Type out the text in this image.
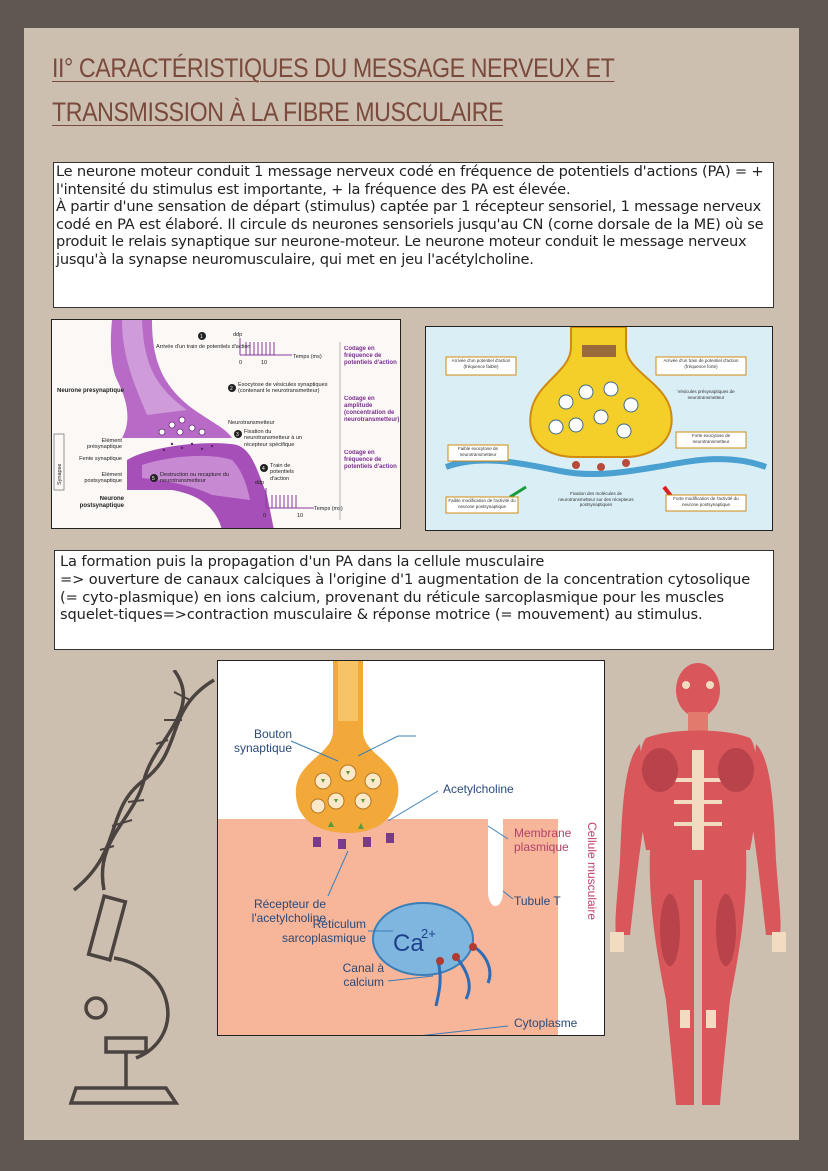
II° CARACTÉRISTIQUES DU MESSAGE NERVEUX ET TRANSMISSION À LA FIBRE MUSCULAIRE

Le neurone moteur conduit 1 message nerveux codé en fréquence de potentiels d'actions (PA) = + l'intensité du stimulus est importante, + la fréquence des PA est élevée.

À partir d'une sensation de départ (stimulus) captée par 1 récepteur sensoriel, 1 message nerveux codé en PA est élaboré. Il circule ds neurones sensoriels jusqu'au CN (corne dorsale de la ME) où se produit le relais synaptique sur neurone-moteur. Le neurone moteur conduit le message nerveux jusqu'à la synapse neuromusculaire, qui met en jeu l'acétylcholine.

ddp
Temps (ms)
0	10
ddp
Temps (ms)
0	10
1
Arrivée d'un train de potentiels d'action
2
Exocytose de vésicules synaptiques (contenant le neurotransmetteur)
Neurotransmetteur
3 Fixation du neurotransmetteur à un récepteur spécifique
4 Train de potentiels d'action
5
Destruction ou recapture du neurotransmetteur
Neurone présynaptique
Élément présynaptique
Fente synaptique
Élément postsynaptique
Neurone postsynaptique
Synapse
Codage en fréquence de potentiels d'action
Codage en amplitude (concentration de neurotransmetteur)
Codage en fréquence de potentiels d'action
Arrivée d'un potentiel d'action (fréquence faible)
Faible exocytose de neurotransmetteur
Faible modification de l'activité du neurone postsynaptique
Arrivée d'un train de potentiel d'action (fréquence forte)
Vésicules présynaptiques de neurotransmetteur
Forte exocytose de neurotransmetteur
Fixation des molécules de neurotransmetteur sur des récepteurs postsynaptiques
Forte modification de l'activité du neurone postsynaptique

La formation puis la propagation d'un PA dans la cellule musculaire

=> ouverture de canaux calciques à l'origine d'1 augmentation de la concentration cytosolique (= cyto-plasmique) en ions calcium, provenant du réticule sarcoplasmique pour les muscles squelet-tiques=>contraction musculaire & réponse motrice (= mouvement) au stimulus.

Ca
2+
Bouton synaptique
Acetylcholine
Membrane plasmique
Récepteur de l'acetylcholine
Tubule T
Réticulum sarcoplasmique
Canal à calcium
Cytoplasme
Cellule musculaire
